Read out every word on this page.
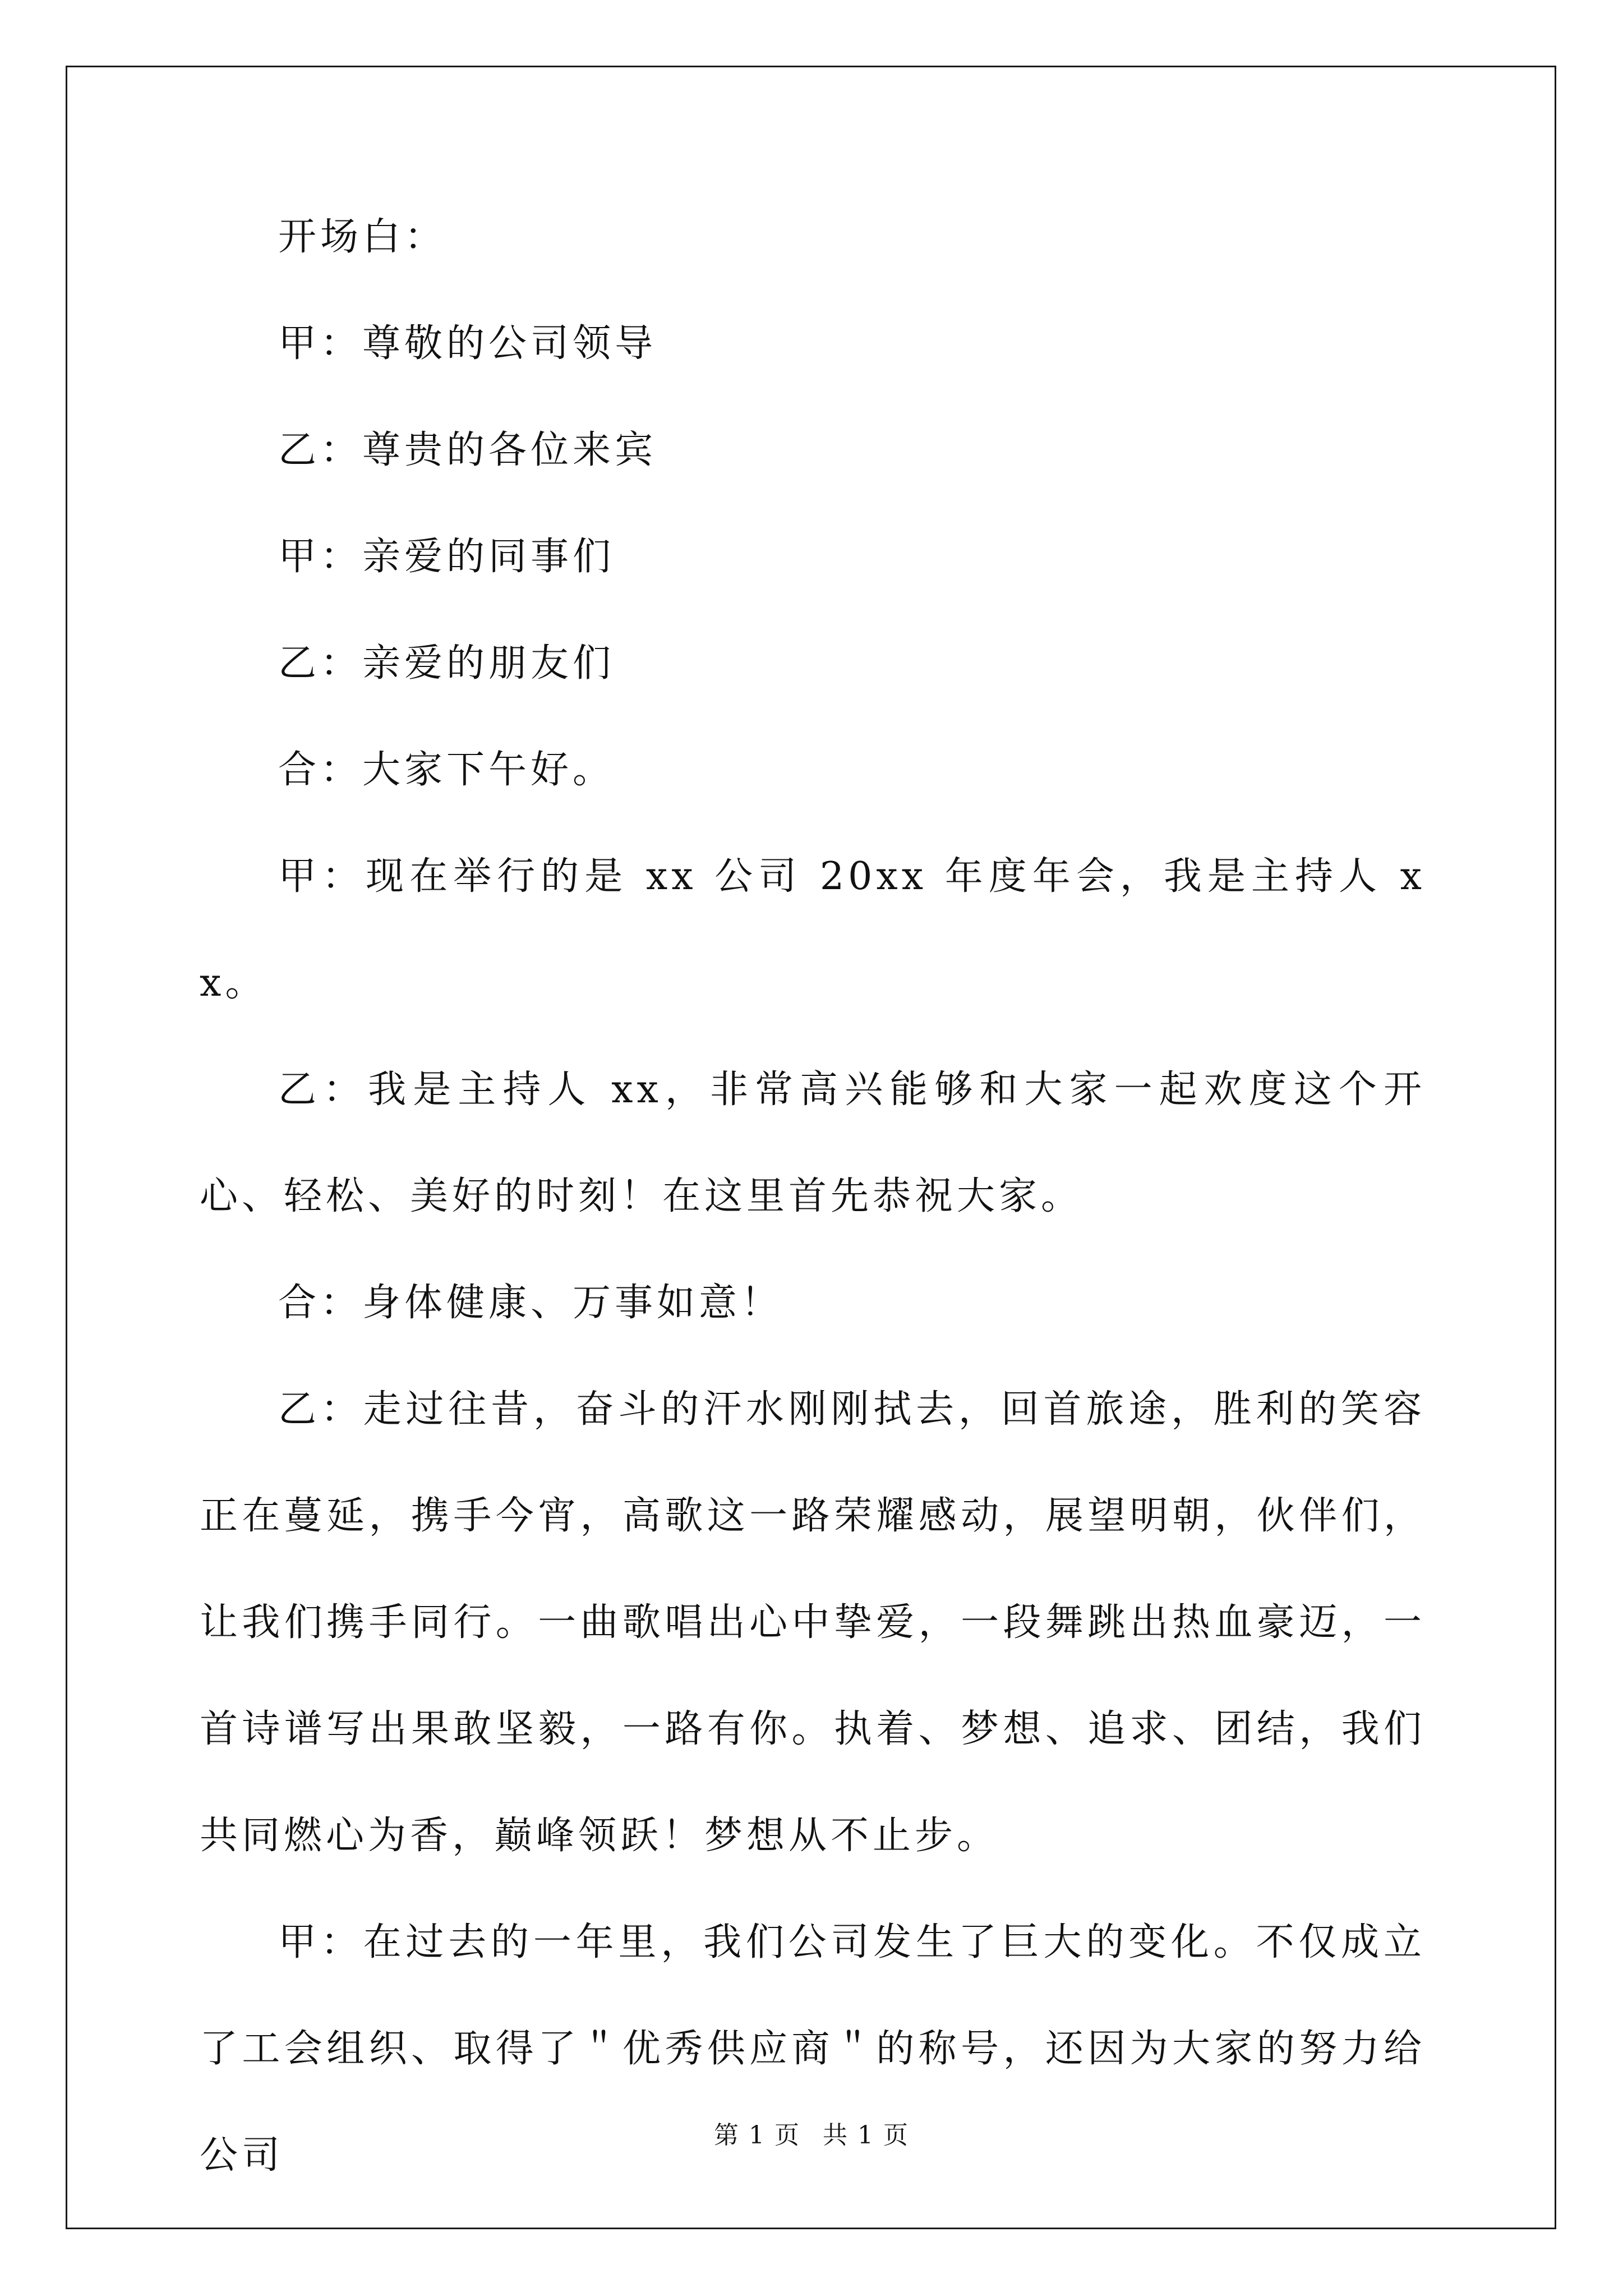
开场白：

甲：尊敬的公司领导

乙：尊贵的各位来宾

甲：亲爱的同事们

乙：亲爱的朋友们

合：大家下午好。

甲：现在举行的是 xx 公司 20xx 年度年会，我是主持人 xx。

乙：我是主持人 xx，非常高兴能够和大家一起欢度这个开心、轻松、美好的时刻！在这里首先恭祝大家。

合：身体健康、万事如意！

乙：走过往昔，奋斗的汗水刚刚拭去，回首旅途，胜利的笑容正在蔓延，携手今宵，高歌这一路荣耀感动，展望明朝，伙伴们，让我们携手同行。一曲歌唱出心中挚爱，一段舞跳出热血豪迈，一首诗谱写出果敢坚毅，一路有你。执着、梦想、追求、团结，我们共同燃心为香，巅峰领跃！梦想从不止步。

甲：在过去的一年里，我们公司发生了巨大的变化。不仅成立了工会组织、取得了＂优秀供应商＂的称号，还因为大家的努力给公司	第 1 页 共 1 页
